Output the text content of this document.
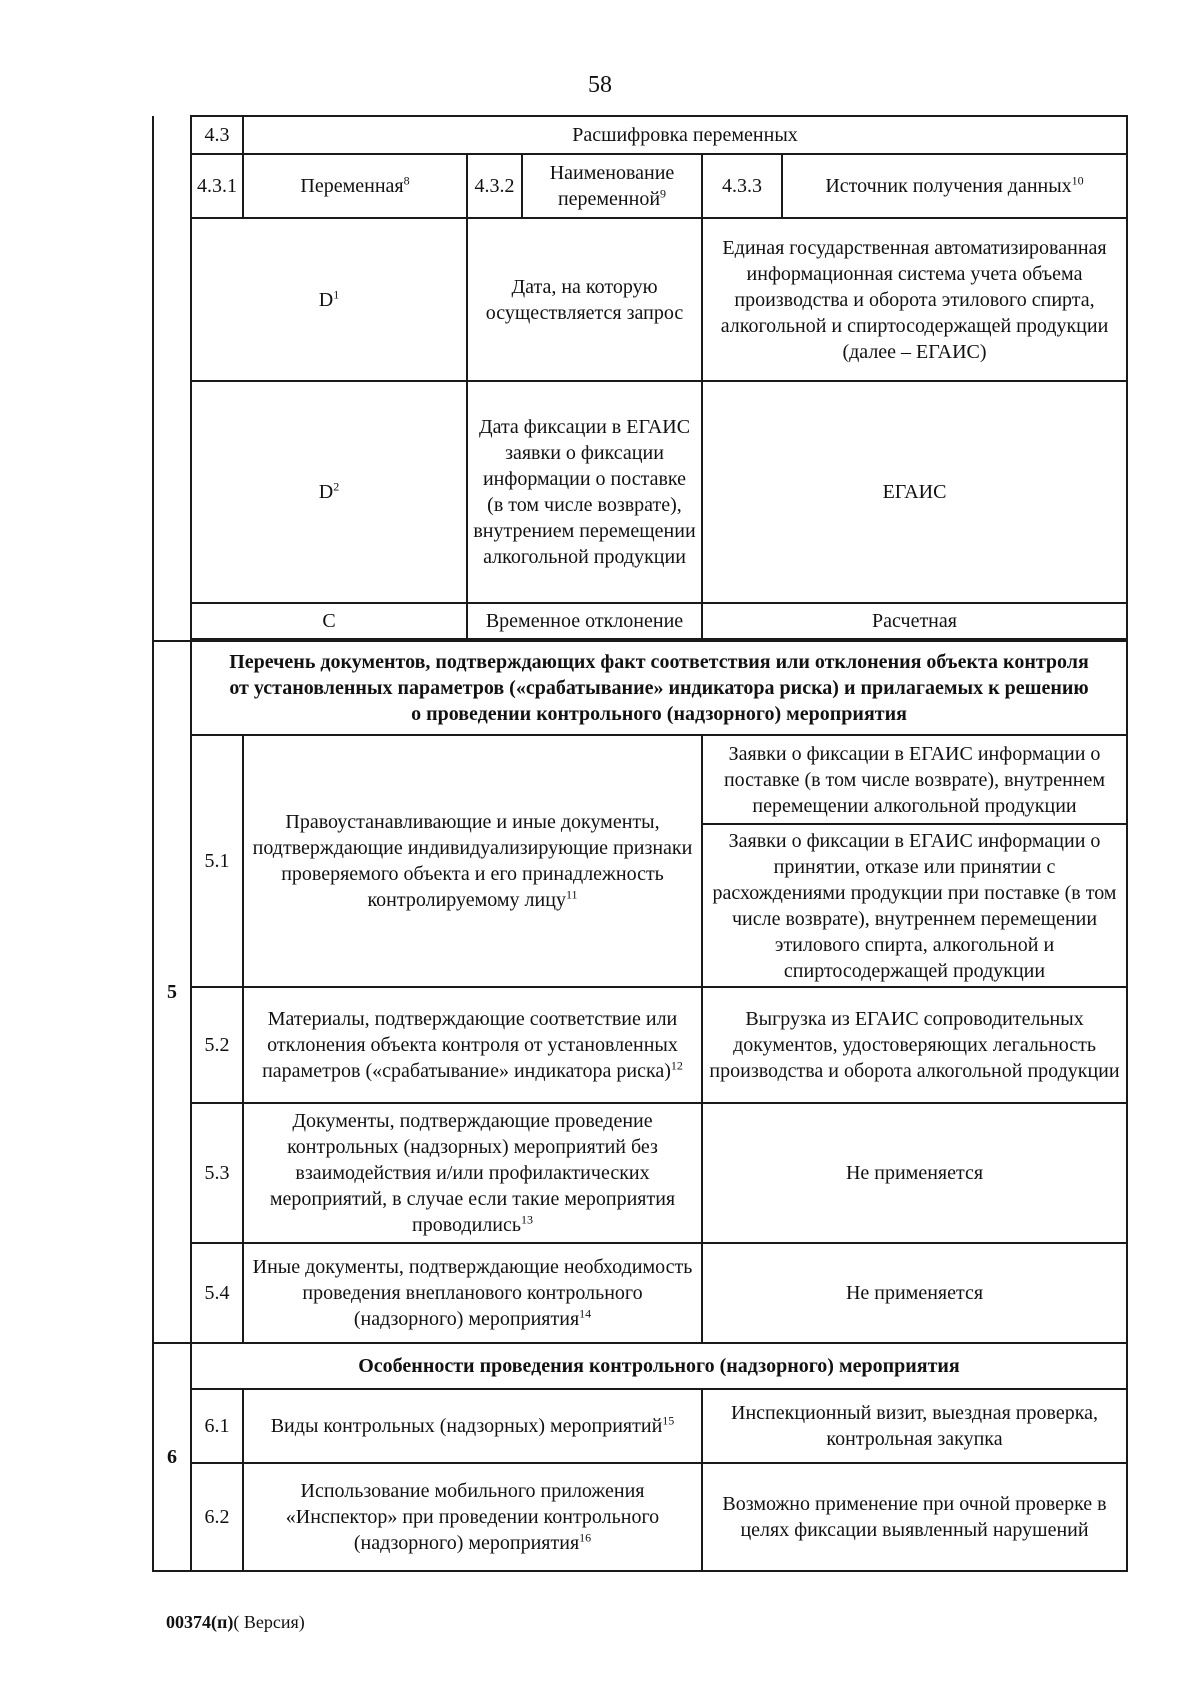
58
	4.3	Расшифровка переменных				
	4.3.1	Переменная$^8$	4.3.2	Наименование переменной$^9$	4.3.3	Источник получения данных$^{10}$
	$D^1$		Дата, на которую осуществляется запрос		Единая государственная автоматизированная информационная система учета объема производства и оборота этилового спирта, алкогольной и спиртосодержащей продукции (далее – ЕГАИС)	
	$D^2$		Дата фиксации в ЕГАИС заявки о фиксации информации о поставке (в том числе возврате), внутрением перемещении алкогольной продукции		ЕГАИС	
	C		Временное отклонение		Расчетная	

5	Перечень документов, подтверждающих факт соответствия или отклонения объекта контроля от установленных параметров («срабатывание» индикатора риска) и прилагаемых к решению о проведении контрольного (надзорного) мероприятия					
	5.1	Правоустанавливающие и иные документы, подтверждающие индивидуализирующие признаки проверяемого объекта и его принадлежность контролируемому лицу$^{11}$			Заявки о фиксации в ЕГАИС информации о поставке (в том числе возврате), внутреннем перемещении алкогольной продукции	
					Заявки о фиксации в ЕГАИС информации о принятии, отказе или принятии с расхождениями продукции при поставке (в том числе возврате), внутреннем перемещении этилового спирта, алкогольной и спиртосодержащей продукции	
	5.2	Материалы, подтверждающие соответствие или отклонения объекта контроля от установленных параметров («срабатывание» индикатора риска)$^{12}$			Выгрузка из ЕГАИС сопроводительных документов, удостоверяющих легальность производства и оборота алкогольной продукции	
	5.3	Документы, подтверждающие проведение контрольных (надзорных) мероприятий без взаимодействия и/или профилактических мероприятий, в случае если такие мероприятия проводились$^{13}$			Не применяется	
	5.4	Иные документы, подтверждающие необходимость проведения внепланового контрольного (надзорного) мероприятия$^{14}$			Не применяется	
6	Особенности проведения контрольного (надзорного) мероприятия					
	6.1	Виды контрольных (надзорных) мероприятий$^{15}$			Инспекционный визит, выездная проверка, контрольная закупка	
	6.2	Использование мобильного приложения «Инспектор» при проведении контрольного (надзорного) мероприятия$^{16}$			Возможно применение при очной проверке в целях фиксации выявленный нарушений	
00374(п)( Версия)
